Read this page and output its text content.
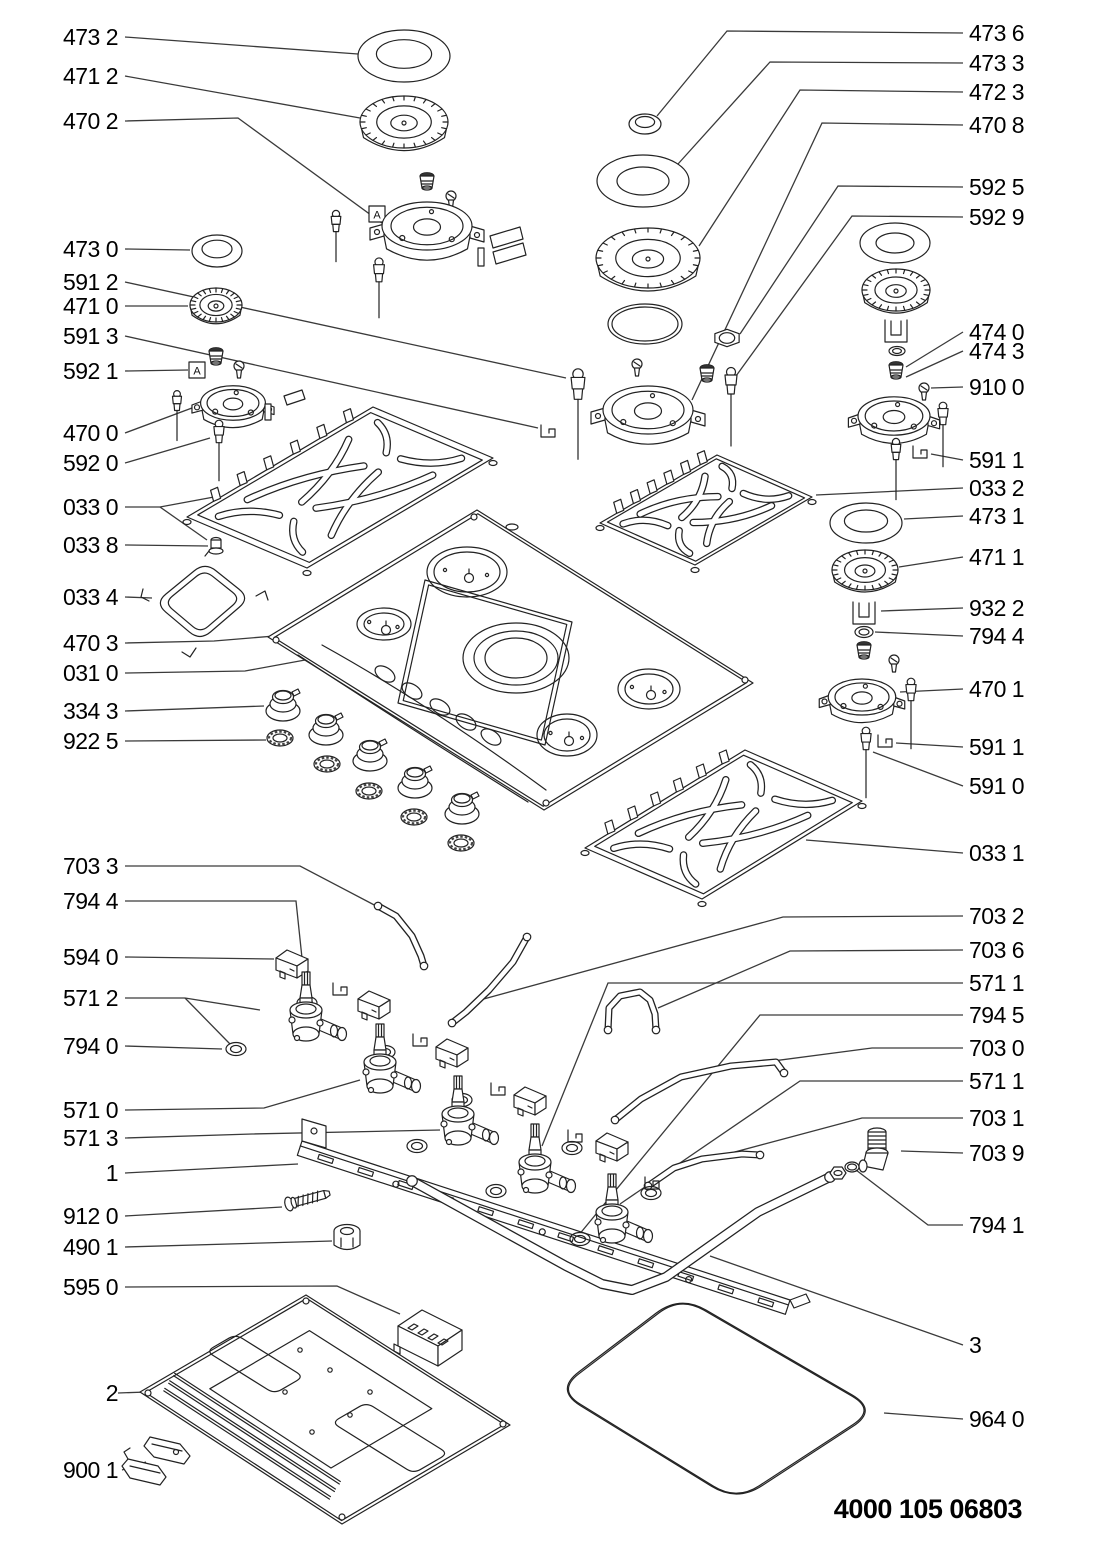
A
A
4000 105 06803
473 2
471 2
470 2
473 0
591 2
471 0
591 3
592 1
470 0
592 0
033 0
033 8
033 4
470 3
031 0
334 3
922 5
703 3
794 4
594 0
571 2
794 0
571 0
571 3
1
912 0
490 1
595 0
2
900 1
473 6
473 3
472 3
470 8
592 5
592 9
474 0
474 3
910 0
591 1
033 2
473 1
471 1
932 2
794 4
470 1
591 1
591 0
033 1
703 2
703 6
571 1
794 5
703 0
571 1
703 1
703 9
794 1
3
964 0
